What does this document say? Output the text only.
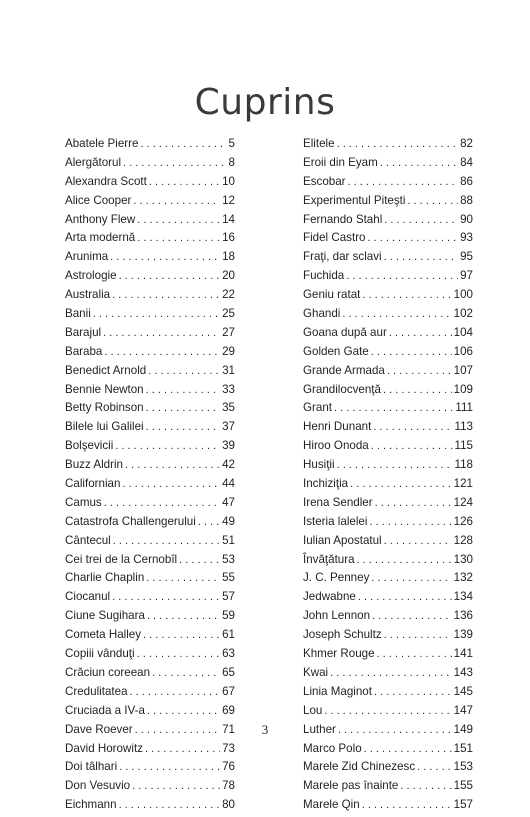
Cuprins
Abatele Pierre . . .	5
Alergătorul . . .	8
Alexandra Scott . . .	10
Alice Cooper . . .	12
Anthony Flew . . .	14
Arta modernă . . .	16
Arunima . . .	18
Astrologie . . .	20
Australia . . .	22
Banii . . .	25
Barajul . . .	27
Baraba . . .	29
Benedict Arnold . . .	31
Bennie Newton . . .	33
Betty Robinson . . .	35
Bilele lui Galilei . . .	37
Bolşevicii . . .	39
Buzz Aldrin . . .	42
Californian . . .	44
Camus . . .	47
Catastrofa Challengerului . . . 49
Cântecul . . .	51
Cei trei de la Cernobîl . . .	53
Charlie Chaplin . . .	55
Ciocanul . . .	57
Ciune Sugihara . . .	59
Cometa Halley . . .	61
Copiii vânduţi . . .	63
Crăciun coreean . . .	65
Credulitatea . . .	67
Cruciada a IV-a . . .	69
Dave Roever . . .	71
David Horowitz . . .	73
Doi tâlhari . . .	76
Don Vesuvio . . .	78
Eichmann . . .	80
Elitele . . .	82
Eroii din Eyam . . .	84
Escobar . . .	86
Experimentul Piteşti . . .	88
Fernando Stahl . . .	90
Fidel Castro . . .	93
Fraţi, dar sclavi . . .	95
Fuchida . . .	97
Geniu ratat . . .	100
Ghandi . . .	102
Goana după aur . . .	104
Golden Gate . . .	106
Grande Armada . . .	107
Grandilocvenţă . . .	109
Grant . . .	111
Henri Dunant . . .	113
Hiroo Onoda . . .	115
Husiţii . . .	118
Inchiziţia . . .	121
Irena Sendler . . .	124
Isteria lalelei . . .	126
Iulian Apostatul . . .	128
Învăţătura . . .	130
J. C. Penney . . .	132
Jedwabne . . .	134
John Lennon . . .	136
Joseph Schultz . . .	139
Khmer Rouge . . .	141
Kwai . . .	143
Linia Maginot . . .	145
Lou . . .	147
Luther . . .	149
Marco Polo . . .	151
Marele Zid Chinezesc . . .	153
Marele pas înainte . . .	155
Marele Qin . . .	157
3
